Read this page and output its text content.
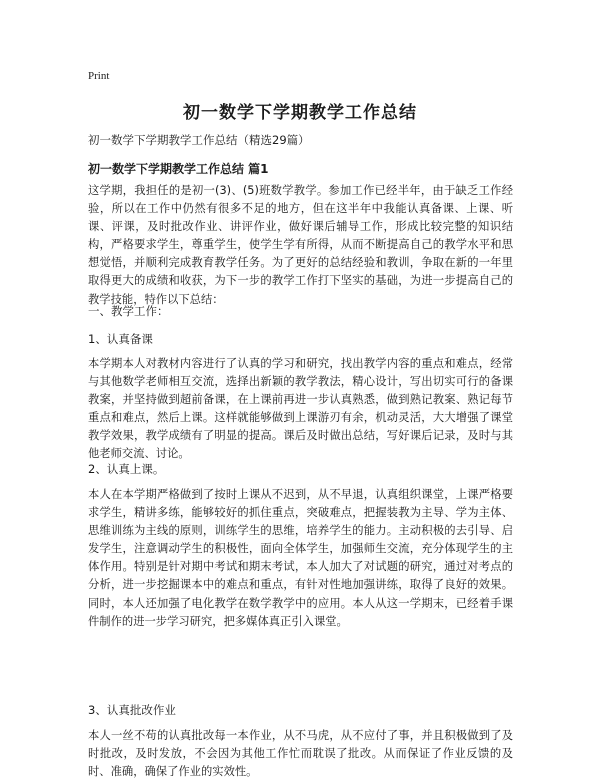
Print
初一数学下学期教学工作总结
初一数学下学期教学工作总结（精选29篇）
初一数学下学期教学工作总结 篇1

这学期，我担任的是初一(3)、(5)班数学教学。参加工作已经半年，由于缺乏工作经验，所以在工作中仍然有很多不足的地方，但在这半年中我能认真备课、上课、听课、评课，及时批改作业、讲评作业，做好课后辅导工作，形成比较完整的知识结构，严格要求学生，尊重学生，使学生学有所得，从而不断提高自己的教学水平和思想觉悟，并顺利完成教育教学任务。为了更好的总结经验和教训，争取在新的一年里取得更大的成绩和收获，为下一步的教学工作打下坚实的基础，为进一步提高自己的教学技能，特作以下总结：

一、教学工作：
1、认真备课

本学期本人对教材内容进行了认真的学习和研究，找出教学内容的重点和难点，经常与其他数学老师相互交流，选择出新颖的教学教法，精心设计，写出切实可行的备课教案，并坚持做到超前备课，在上课前再进一步认真熟悉，做到熟记教案、熟记每节重点和难点，然后上课。这样就能够做到上课游刃有余，机动灵活，大大增强了课堂教学效果，教学成绩有了明显的提高。课后及时做出总结，写好课后记录，及时与其他老师交流、讨论。

2、认真上课。

本人在本学期严格做到了按时上课从不迟到，从不早退，认真组织课堂，上课严格要求学生，精讲多练，能够较好的抓住重点，突破难点，把握装教为主导、学为主体、思维训练为主线的原则，训练学生的思维，培养学生的能力。主动积极的去引导、启发学生，注意调动学生的积极性，面向全体学生，加强师生交流，充分体现学生的主体作用。特别是针对期中考试和期末考试，本人加大了对试题的研究，通过对考点的分析，进一步挖掘课本中的难点和重点，有针对性地加强讲练，取得了良好的效果。同时，本人还加强了电化教学在数学教学中的应用。本人从这一学期末，已经着手课件制作的进一步学习研究，把多媒体真正引入课堂。

3、认真批改作业

本人一丝不苟的认真批改每一本作业，从不马虎，从不应付了事，并且积极做到了及时批改，及时发放，不会因为其他工作忙而耽误了批改。从而保证了作业反馈的及时、准确，确保了作业的实效性。
